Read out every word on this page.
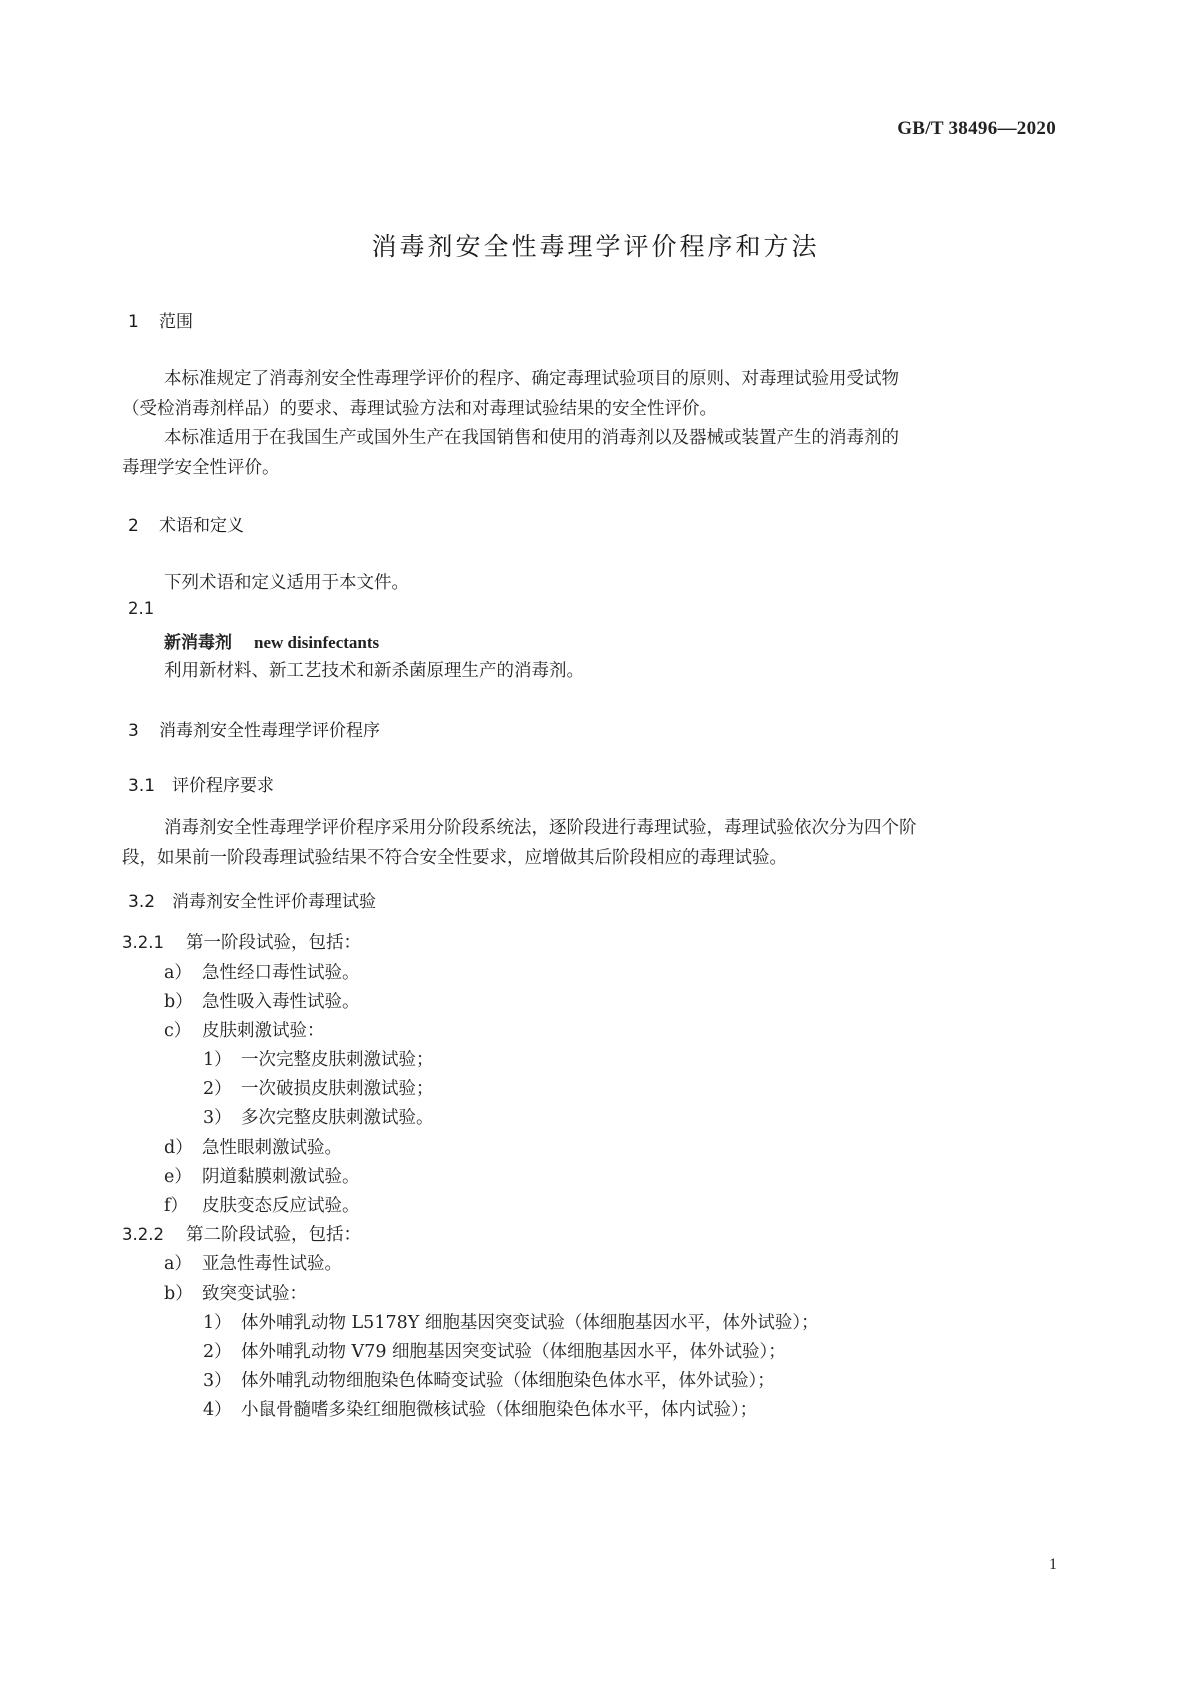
GB/T 38496—2020
消毒剂安全性毒理学评价程序和方法
1 范围
本标准规定了消毒剂安全性毒理学评价的程序、确定毒理试验项目的原则、对毒理试验用受试物
（受检消毒剂样品）的要求、毒理试验方法和对毒理试验结果的安全性评价。
本标准适用于在我国生产或国外生产在我国销售和使用的消毒剂以及器械或装置产生的消毒剂的
毒理学安全性评价。
2 术语和定义
下列术语和定义适用于本文件。
2.1
新消毒剂 new disinfectants
利用新材料、新工艺技术和新杀菌原理生产的消毒剂。
3 消毒剂安全性毒理学评价程序
3.1 评价程序要求
消毒剂安全性毒理学评价程序采用分阶段系统法，逐阶段进行毒理试验，毒理试验依次分为四个阶
段，如果前一阶段毒理试验结果不符合安全性要求，应增做其后阶段相应的毒理试验。
3.2 消毒剂安全性评价毒理试验
3.2.1 第一阶段试验，包括：
a） 急性经口毒性试验。
b） 急性吸入毒性试验。
c） 皮肤刺激试验：
1） 一次完整皮肤刺激试验；
2） 一次破损皮肤刺激试验；
3） 多次完整皮肤刺激试验。
d） 急性眼刺激试验。
e） 阴道黏膜刺激试验。
f） 皮肤变态反应试验。
3.2.2 第二阶段试验，包括：
a） 亚急性毒性试验。
b） 致突变试验：
1） 体外哺乳动物 L5178Y 细胞基因突变试验（体细胞基因水平，体外试验）；
2） 体外哺乳动物 V79 细胞基因突变试验（体细胞基因水平，体外试验）；
3） 体外哺乳动物细胞染色体畸变试验（体细胞染色体水平，体外试验）；
4） 小鼠骨髓嗜多染红细胞微核试验（体细胞染色体水平，体内试验）；
1
